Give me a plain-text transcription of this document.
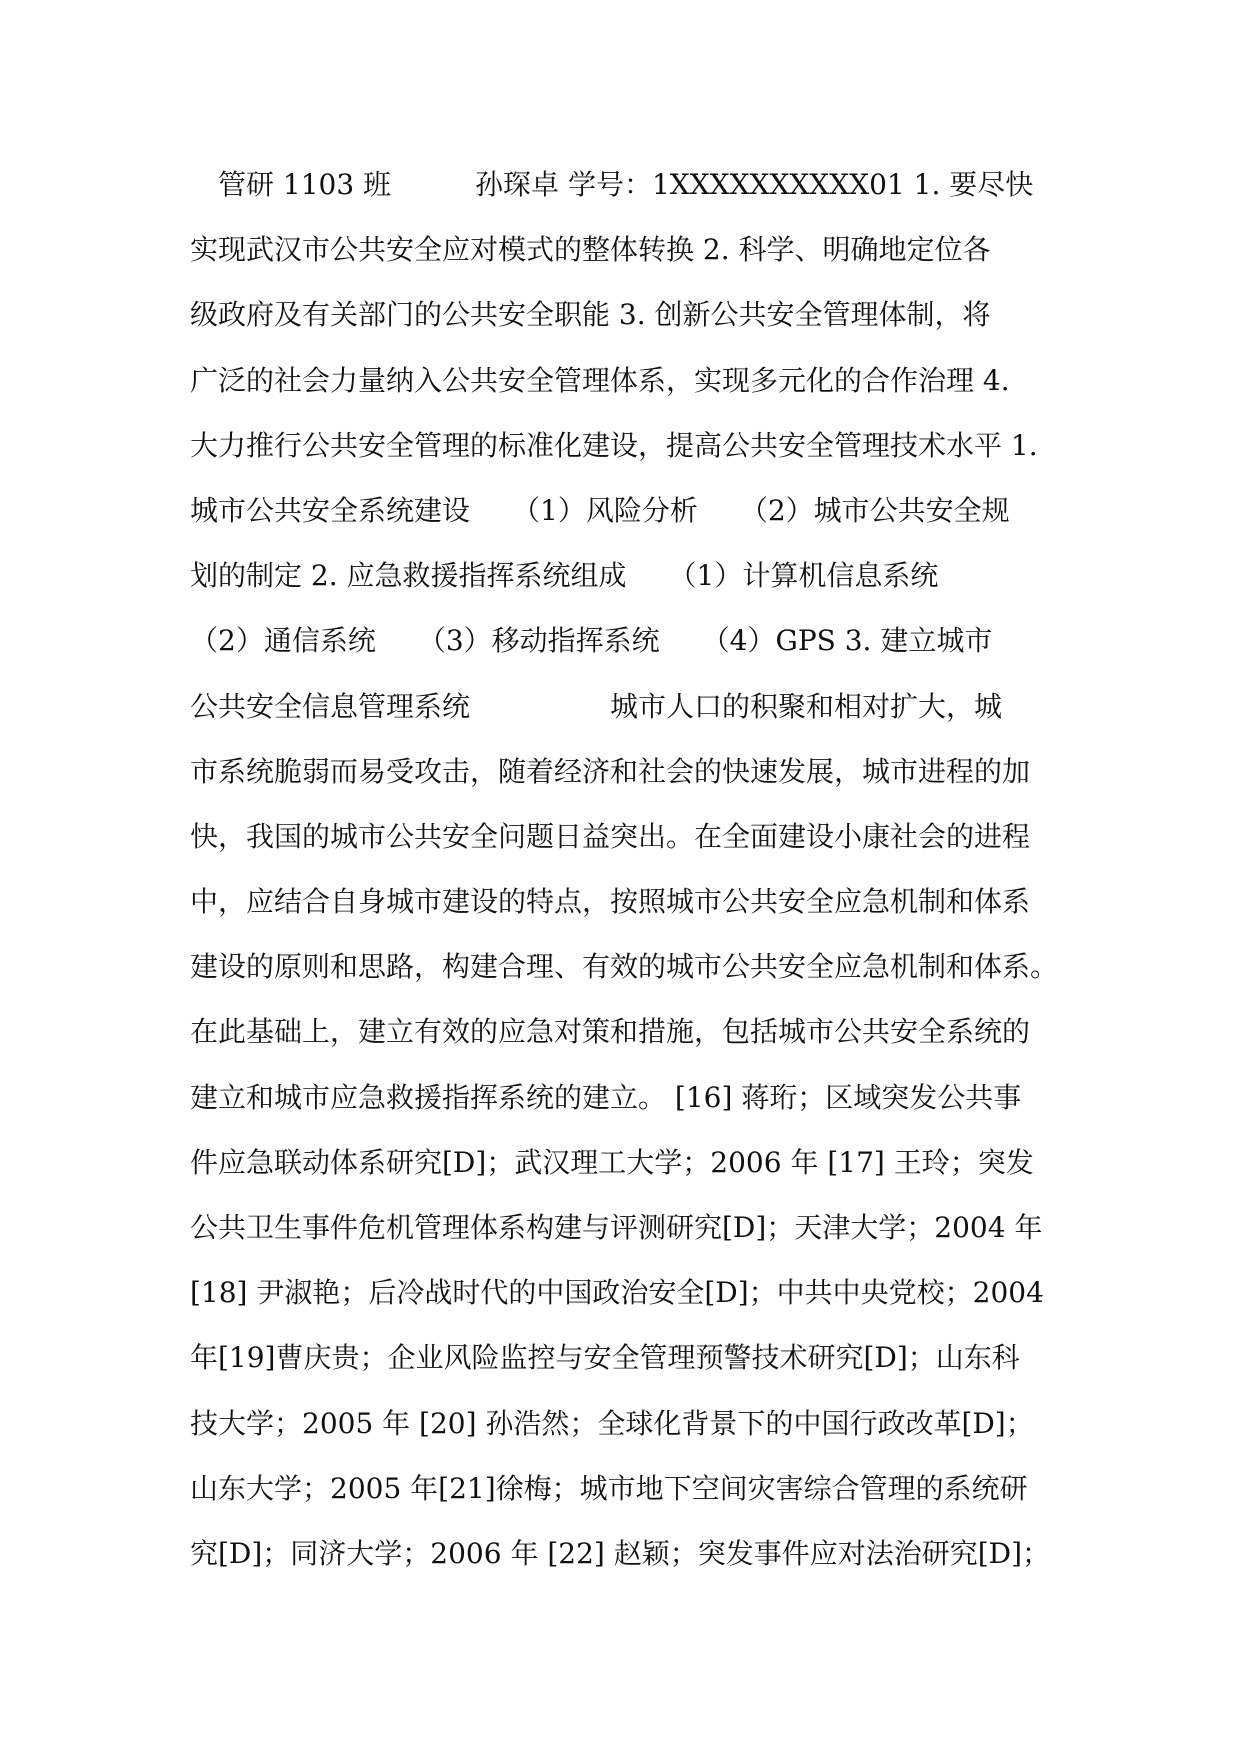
　管研 1103 班　　　孙琛卓 学号：1XXXXXXXXXX01 1. 要尽快
实现武汉市公共安全应对模式的整体转换 2. 科学、明确地定位各
级政府及有关部门的公共安全职能 3. 创新公共安全管理体制，将
广泛的社会力量纳入公共安全管理体系，实现多元化的合作治理 4.
大力推行公共安全管理的标准化建设，提高公共安全管理技术水平 1.
城市公共安全系统建设　　（1）风险分析　　（2）城市公共安全规
划的制定 2. 应急救援指挥系统组成　　（1）计算机信息系统
（2）通信系统　　（3）移动指挥系统　　（4）GPS 3. 建立城市
公共安全信息管理系统　　　　　城市人口的积聚和相对扩大，城
市系统脆弱而易受攻击，随着经济和社会的快速发展，城市进程的加
快，我国的城市公共安全问题日益突出。在全面建设小康社会的进程
中，应结合自身城市建设的特点，按照城市公共安全应急机制和体系
建设的原则和思路，构建合理、有效的城市公共安全应急机制和体系。
在此基础上，建立有效的应急对策和措施，包括城市公共安全系统的
建立和城市应急救援指挥系统的建立。 [16] 蒋珩；区域突发公共事
件应急联动体系研究[D]；武汉理工大学；2006 年 [17] 王玲；突发
公共卫生事件危机管理体系构建与评测研究[D]；天津大学；2004 年
[18] 尹淑艳；后冷战时代的中国政治安全[D]；中共中央党校；2004
年[19]曹庆贵；企业风险监控与安全管理预警技术研究[D]；山东科
技大学；2005 年 [20] 孙浩然；全球化背景下的中国行政改革[D]；
山东大学；2005 年[21]徐梅；城市地下空间灾害综合管理的系统研
究[D]；同济大学；2006 年 [22] 赵颖；突发事件应对法治研究[D]；
